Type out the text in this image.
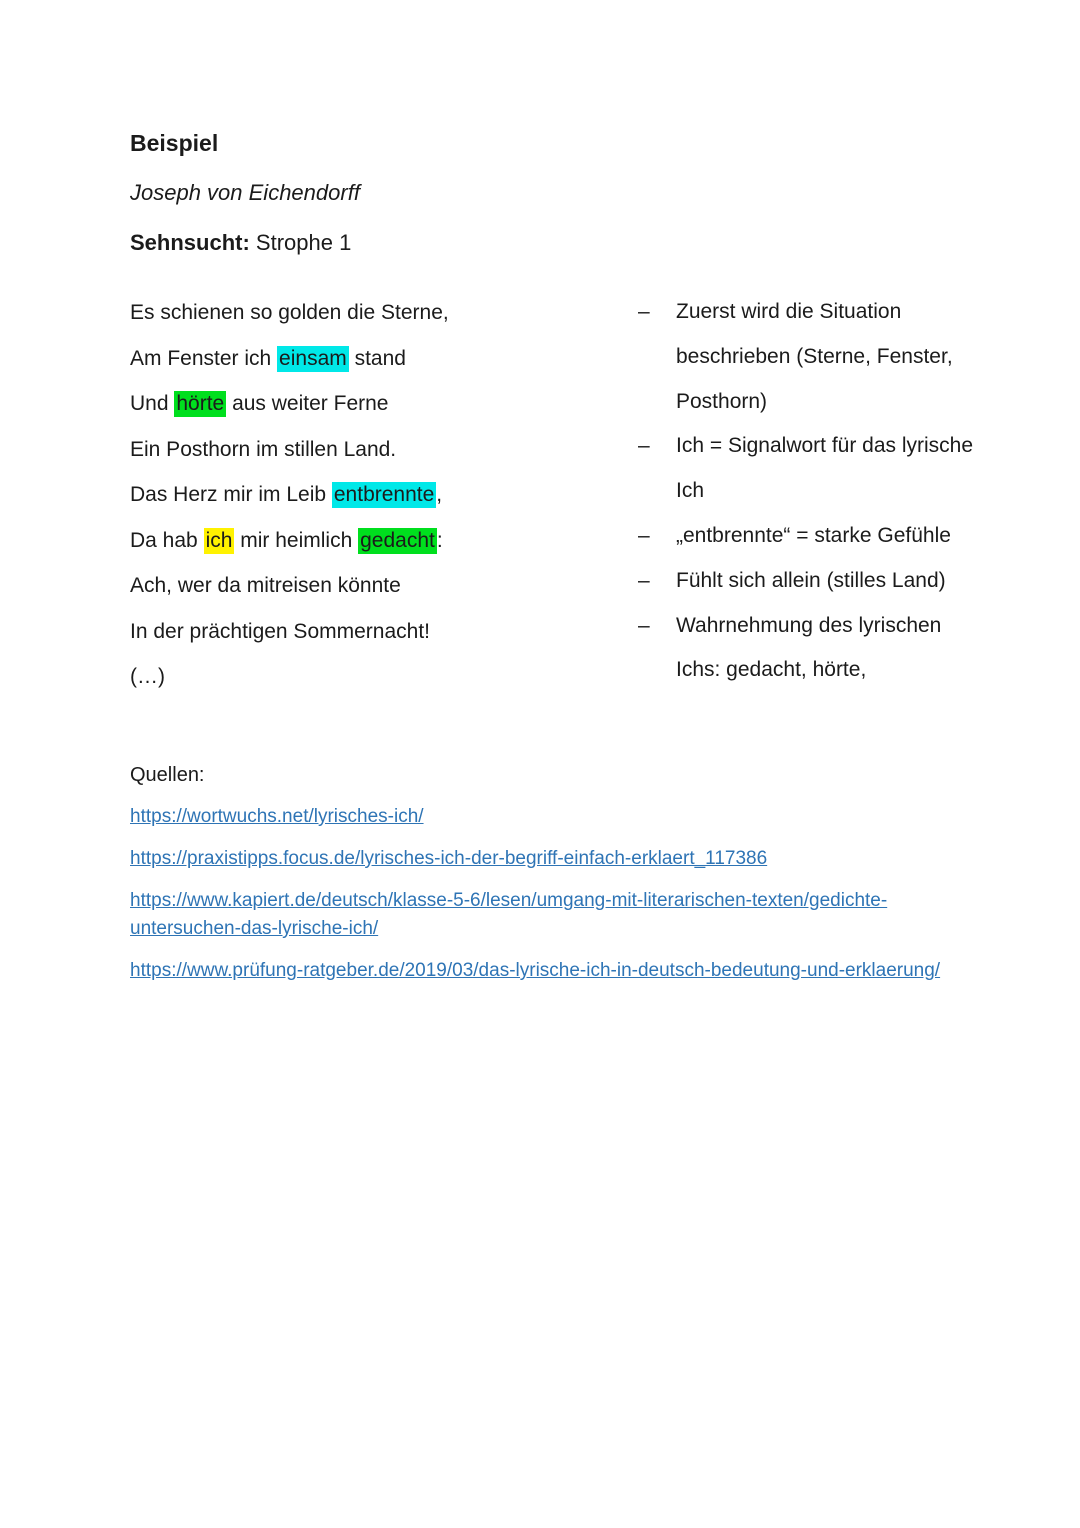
Beispiel
Joseph von Eichendorff
Sehnsucht: Strophe 1
Es schienen so golden die Sterne,
Am Fenster ich einsam stand
Und hörte aus weiter Ferne
Ein Posthorn im stillen Land.
Das Herz mir im Leib entbrennte,
Da hab ich mir heimlich gedacht:
Ach, wer da mitreisen könnte
In der prächtigen Sommernacht!
(…)
–	Zuerst wird die Situation
beschrieben (Sterne, Fenster,
Posthorn)
–	Ich = Signalwort für das lyrische
Ich
–	„entbrennte“ = starke Gefühle
–	Fühlt sich allein (stilles Land)
–	Wahrnehmung des lyrischen
Ichs: gedacht, hörte,
Quellen:
https://wortwuchs.net/lyrisches-ich/
https://praxistipps.focus.de/lyrisches-ich-der-begriff-einfach-erklaert_117386
https://www.kapiert.de/deutsch/klasse-5-6/lesen/umgang-mit-literarischen-texten/gedichte-
untersuchen-das-lyrische-ich/
https://www.prüfung-ratgeber.de/2019/03/das-lyrische-ich-in-deutsch-bedeutung-und-erklaerung/
